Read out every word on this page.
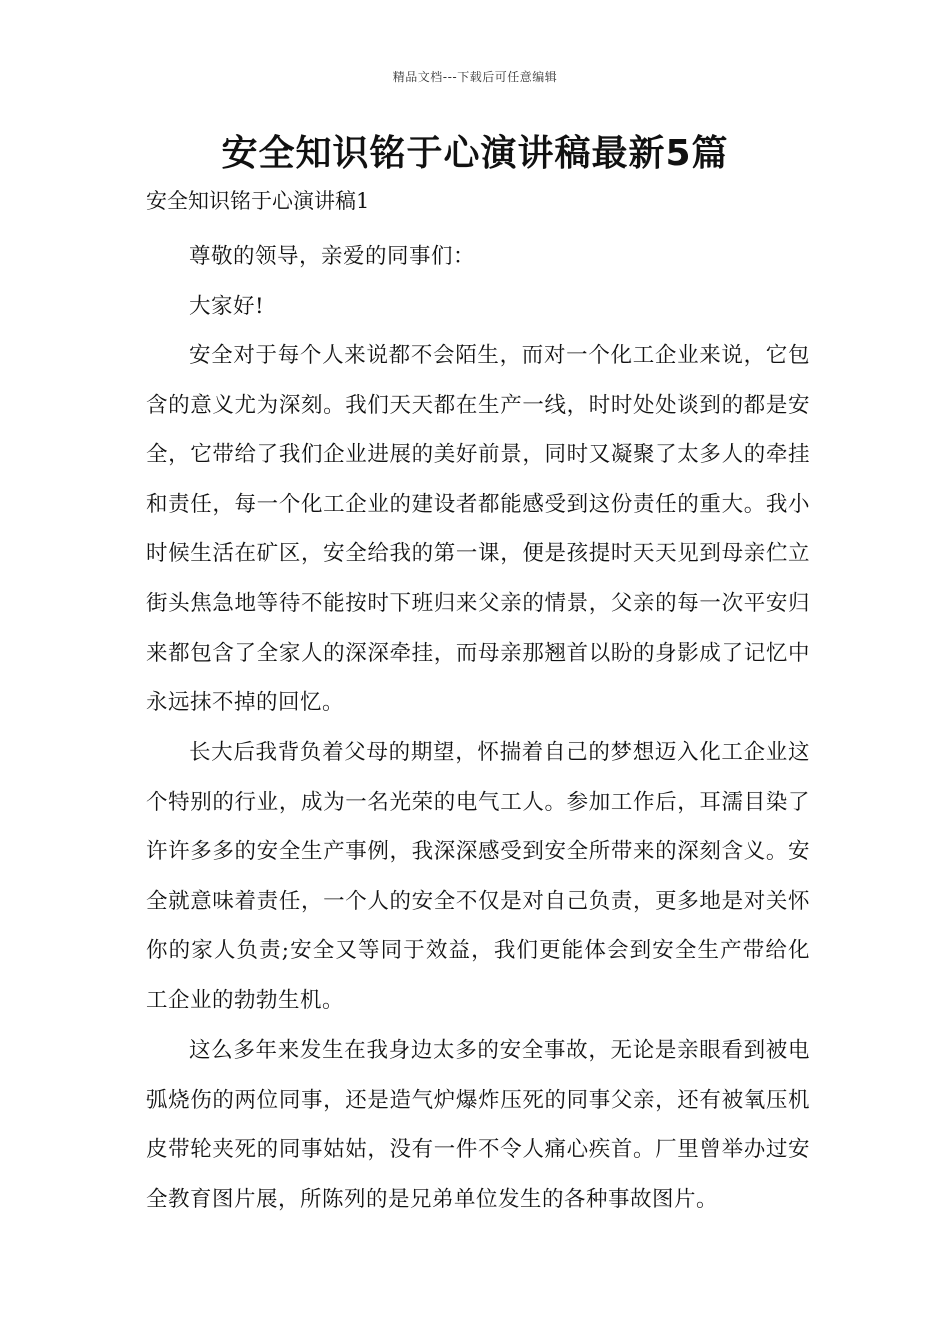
精品文档---下载后可任意编辑
安全知识铭于心演讲稿最新5篇

安全知识铭于心演讲稿1

尊敬的领导，亲爱的同事们：

大家好!

安全对于每个人来说都不会陌生，而对一个化工企业来说，它包含的意义尤为深刻。我们天天都在生产一线，时时处处谈到的都是安全，它带给了我们企业进展的美好前景，同时又凝聚了太多人的牵挂和责任，每一个化工企业的建设者都能感受到这份责任的重大。我小时候生活在矿区，安全给我的第一课，便是孩提时天天见到母亲伫立街头焦急地等待不能按时下班归来父亲的情景，父亲的每一次平安归来都包含了全家人的深深牵挂，而母亲那翘首以盼的身影成了记忆中永远抹不掉的回忆。

长大后我背负着父母的期望，怀揣着自己的梦想迈入化工企业这个特别的行业，成为一名光荣的电气工人。参加工作后，耳濡目染了许许多多的安全生产事例，我深深感受到安全所带来的深刻含义。安全就意味着责任，一个人的安全不仅是对自己负责，更多地是对关怀你的家人负责;安全又等同于效益，我们更能体会到安全生产带给化工企业的勃勃生机。

这么多年来发生在我身边太多的安全事故，无论是亲眼看到被电弧烧伤的两位同事，还是造气炉爆炸压死的同事父亲，还有被氧压机皮带轮夹死的同事姑姑，没有一件不令人痛心疾首。厂里曾举办过安全教育图片展，所陈列的是兄弟单位发生的各种事故图片。
